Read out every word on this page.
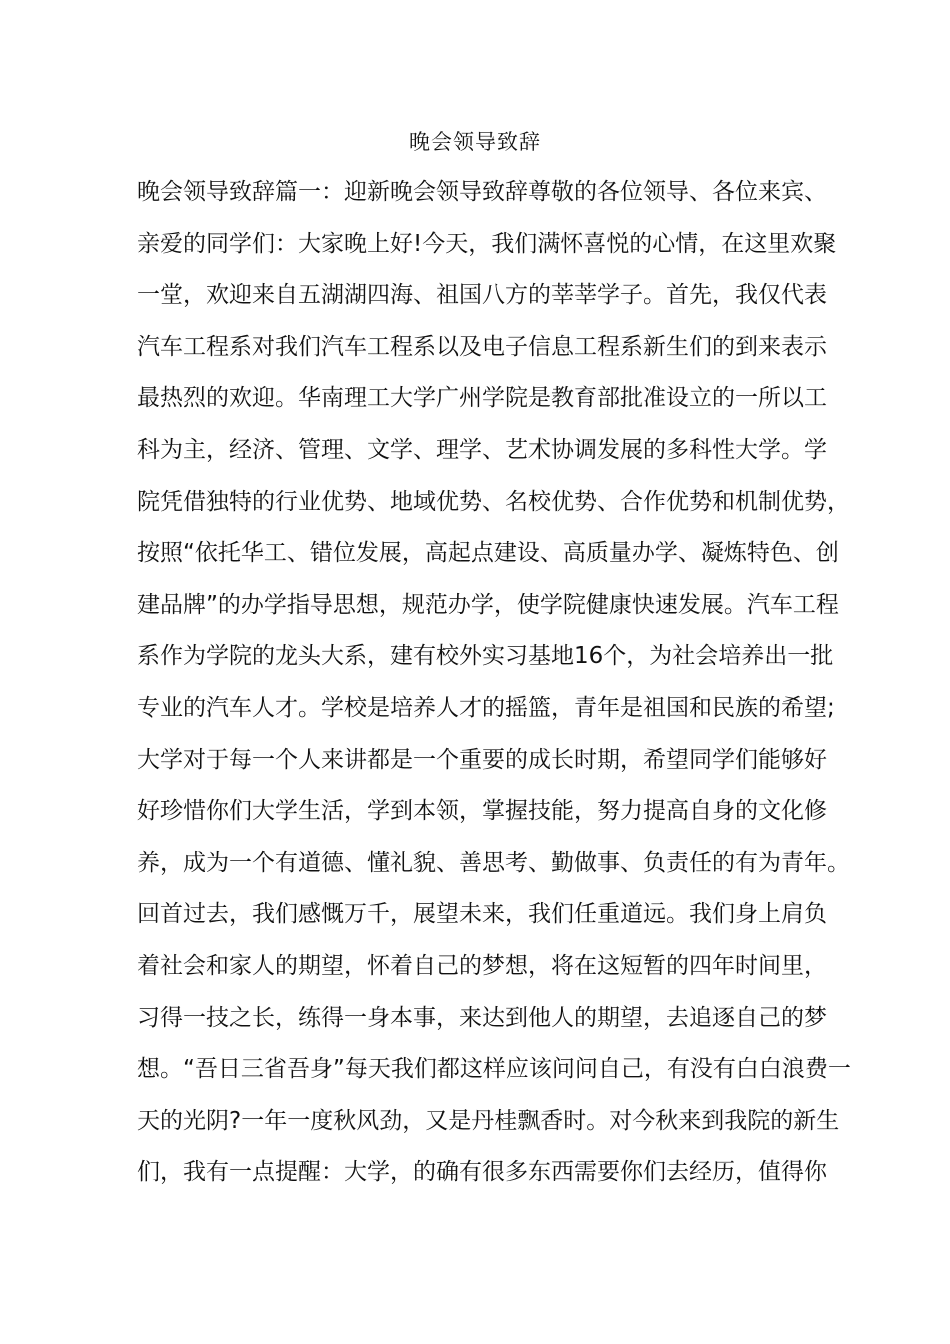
晚会领导致辞
晚会领导致辞篇一：迎新晚会领导致辞尊敬的各位领导、各位来宾、
亲爱的同学们：大家晚上好!今天，我们满怀喜悦的心情，在这里欢聚
一堂，欢迎来自五湖湖四海、祖国八方的莘莘学子。首先，我仅代表
汽车工程系对我们汽车工程系以及电子信息工程系新生们的到来表示
最热烈的欢迎。华南理工大学广州学院是教育部批准设立的一所以工
科为主，经济、管理、文学、理学、艺术协调发展的多科性大学。学
院凭借独特的行业优势、地域优势、名校优势、合作优势和机制优势，
按照“依托华工、错位发展，高起点建设、高质量办学、凝炼特色、创
建品牌”的办学指导思想，规范办学，使学院健康快速发展。汽车工程
系作为学院的龙头大系，建有校外实习基地16个，为社会培养出一批
专业的汽车人才。学校是培养人才的摇篮，青年是祖国和民族的希望;
大学对于每一个人来讲都是一个重要的成长时期，希望同学们能够好
好珍惜你们大学生活，学到本领，掌握技能，努力提高自身的文化修
养，成为一个有道德、懂礼貌、善思考、勤做事、负责任的有为青年。
回首过去，我们感慨万千，展望未来，我们任重道远。我们身上肩负
着社会和家人的期望，怀着自己的梦想，将在这短暂的四年时间里，
习得一技之长，练得一身本事，来达到他人的期望，去追逐自己的梦
想。“吾日三省吾身”每天我们都这样应该问问自己，有没有白白浪费一
天的光阴?一年一度秋风劲，又是丹桂飘香时。对今秋来到我院的新生
们，我有一点提醒：大学，的确有很多东西需要你们去经历，值得你
